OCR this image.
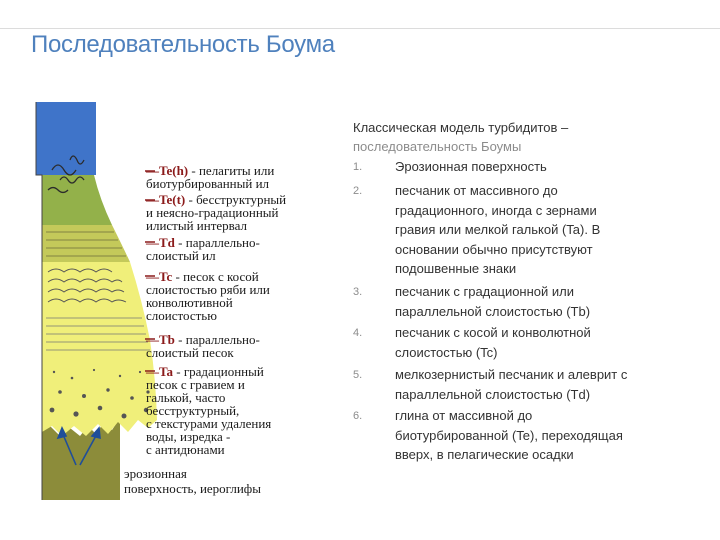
Последовательность Боума
—Te(h) - пелагиты или
биотурбированный ил
—Te(t) - бесструктурный
и неясно-градационный
илистый интервал
—Td - параллельно-
слоистый ил
—Tc - песок с косой
слоистостью ряби или
конволютивной
слоистостью
—Tb - параллельно-
слоистый песок
—Ta - градационный
песок с гравием и
галькой, часто
бесструктурный,
с текстурами удаления
воды, изредка -
с антидюнами
эрозионная
поверхность, иероглифы
Классическая модель турбидитов –
последовательность Боумы
1.	Эрозионная поверхность
2.	песчаник от массивного до
градационного, иногда с зернами
гравия или мелкой галькой (Ta). В
основании обычно присутствуют
подошвенные знаки
3.	песчаник с градационной или
параллельной слоистостью (Tb)
4.	песчаник с косой и конволютной
слоистостью (Tc)
5.	мелкозернистый песчаник и алеврит с
параллельной слоистостью (Td)
6.	глина от массивной до
биотурбированной (Te), переходящая
вверх, в пелагические осадки
